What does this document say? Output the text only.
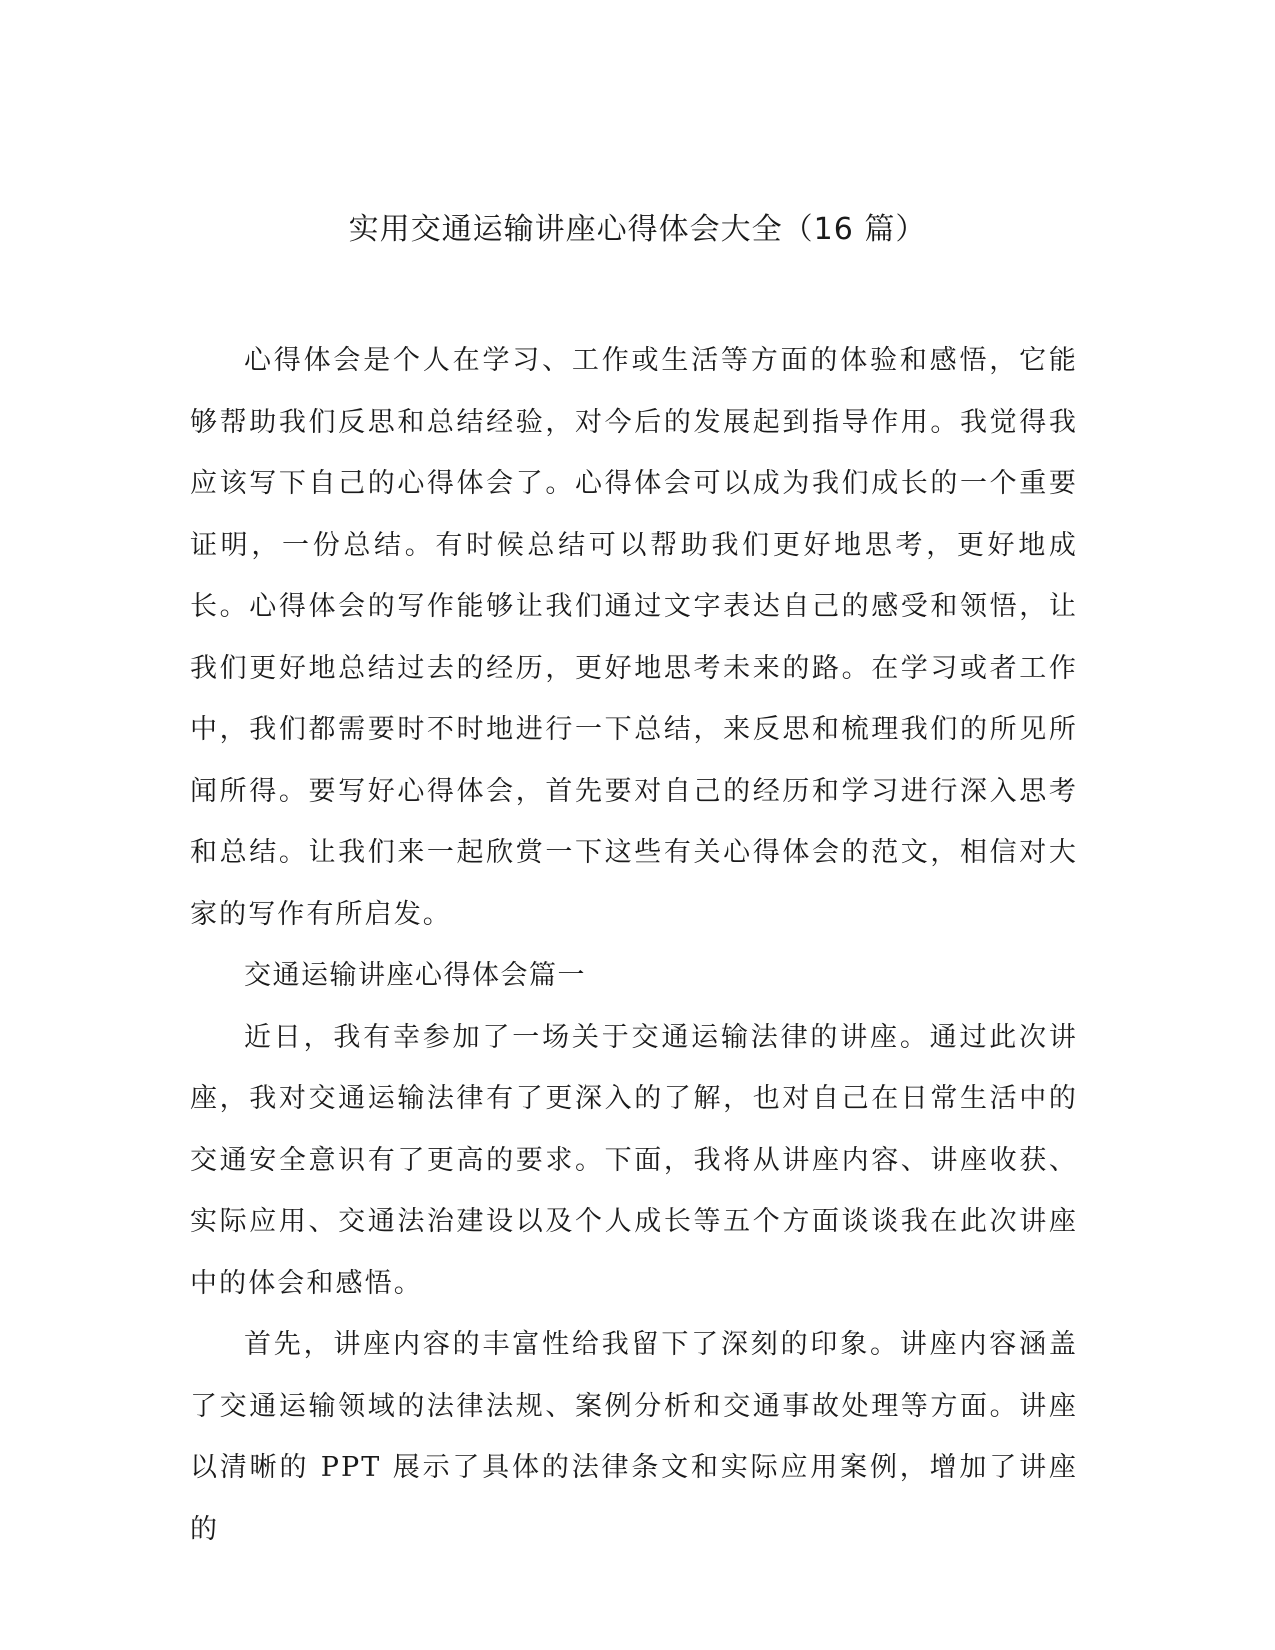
实用交通运输讲座心得体会大全（16 篇）

心得体会是个人在学习、工作或生活等方面的体验和感悟，它能够帮助我们反思和总结经验，对今后的发展起到指导作用。我觉得我应该写下自己的心得体会了。心得体会可以成为我们成长的一个重要证明，一份总结。有时候总结可以帮助我们更好地思考，更好地成长。心得体会的写作能够让我们通过文字表达自己的感受和领悟，让我们更好地总结过去的经历，更好地思考未来的路。在学习或者工作中，我们都需要时不时地进行一下总结，来反思和梳理我们的所见所闻所得。要写好心得体会，首先要对自己的经历和学习进行深入思考和总结。让我们来一起欣赏一下这些有关心得体会的范文，相信对大家的写作有所启发。

交通运输讲座心得体会篇一

近日，我有幸参加了一场关于交通运输法律的讲座。通过此次讲座，我对交通运输法律有了更深入的了解，也对自己在日常生活中的交通安全意识有了更高的要求。下面，我将从讲座内容、讲座收获、实际应用、交通法治建设以及个人成长等五个方面谈谈我在此次讲座中的体会和感悟。

首先，讲座内容的丰富性给我留下了深刻的印象。讲座内容涵盖了交通运输领域的法律法规、案例分析和交通事故处理等方面。讲座以清晰的 PPT 展示了具体的法律条文和实际应用案例，增加了讲座的
